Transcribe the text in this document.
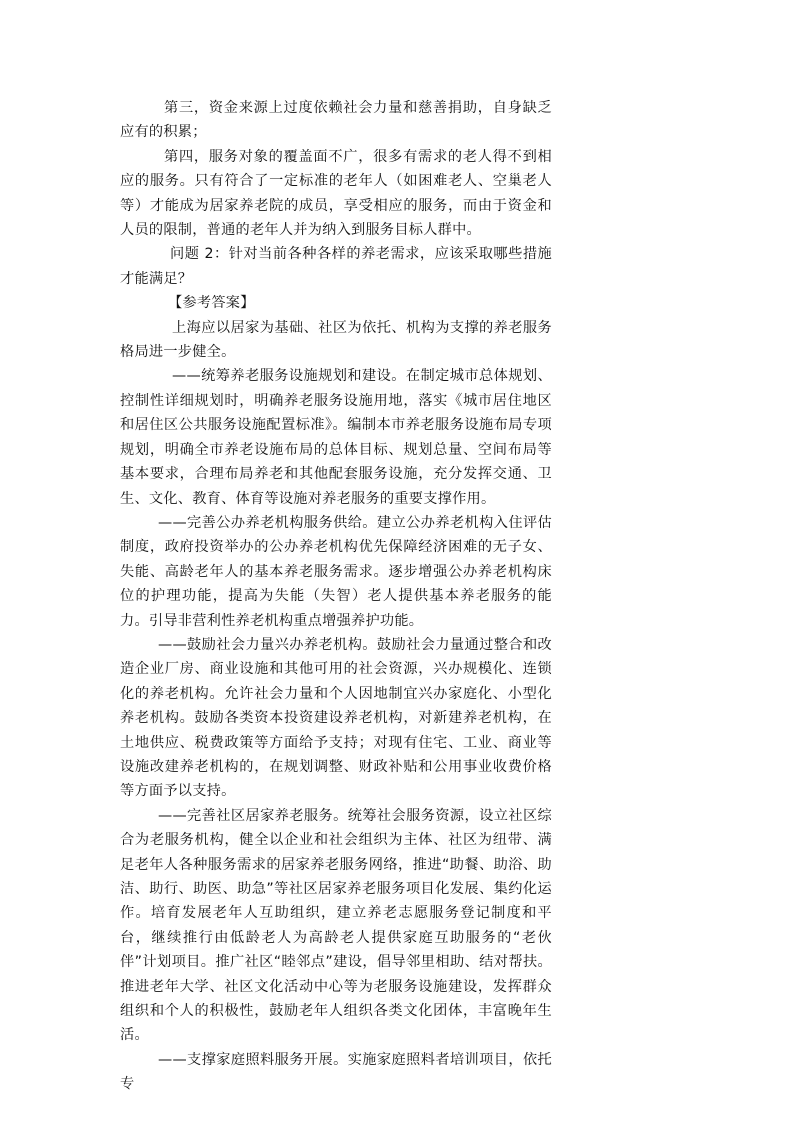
第三，资金来源上过度依赖社会力量和慈善捐助，自身缺乏应有的积累；

第四，服务对象的覆盖面不广，很多有需求的老人得不到相应的服务。只有符合了一定标准的老年人（如困难老人、空巢老人等）才能成为居家养老院的成员，享受相应的服务，而由于资金和人员的限制，普通的老年人并为纳入到服务目标人群中。

问题 2：针对当前各种各样的养老需求，应该采取哪些措施才能满足？

【参考答案】

上海应以居家为基础、社区为依托、机构为支撑的养老服务格局进一步健全。

——统筹养老服务设施规划和建设。在制定城市总体规划、控制性详细规划时，明确养老服务设施用地，落实《城市居住地区和居住区公共服务设施配置标准》。编制本市养老服务设施布局专项规划，明确全市养老设施布局的总体目标、规划总量、空间布局等基本要求，合理布局养老和其他配套服务设施，充分发挥交通、卫生、文化、教育、体育等设施对养老服务的重要支撑作用。

——完善公办养老机构服务供给。建立公办养老机构入住评估制度，政府投资举办的公办养老机构优先保障经济困难的无子女、失能、高龄老年人的基本养老服务需求。逐步增强公办养老机构床位的护理功能，提高为失能（失智）老人提供基本养老服务的能力。引导非营利性养老机构重点增强养护功能。

——鼓励社会力量兴办养老机构。鼓励社会力量通过整合和改造企业厂房、商业设施和其他可用的社会资源，兴办规模化、连锁化的养老机构。允许社会力量和个人因地制宜兴办家庭化、小型化养老机构。鼓励各类资本投资建设养老机构，对新建养老机构，在土地供应、税费政策等方面给予支持；对现有住宅、工业、商业等设施改建养老机构的，在规划调整、财政补贴和公用事业收费价格等方面予以支持。

——完善社区居家养老服务。统筹社会服务资源，设立社区综合为老服务机构，健全以企业和社会组织为主体、社区为纽带、满足老年人各种服务需求的居家养老服务网络，推进“助餐、助浴、助洁、助行、助医、助急”等社区居家养老服务项目化发展、集约化运作。培育发展老年人互助组织，建立养老志愿服务登记制度和平台，继续推行由低龄老人为高龄老人提供家庭互助服务的“老伙伴”计划项目。推广社区“睦邻点”建设，倡导邻里相助、结对帮扶。推进老年大学、社区文化活动中心等为老服务设施建设，发挥群众组织和个人的积极性，鼓励老年人组织各类文化团体，丰富晚年生活。

——支撑家庭照料服务开展。实施家庭照料者培训项目，依托专
